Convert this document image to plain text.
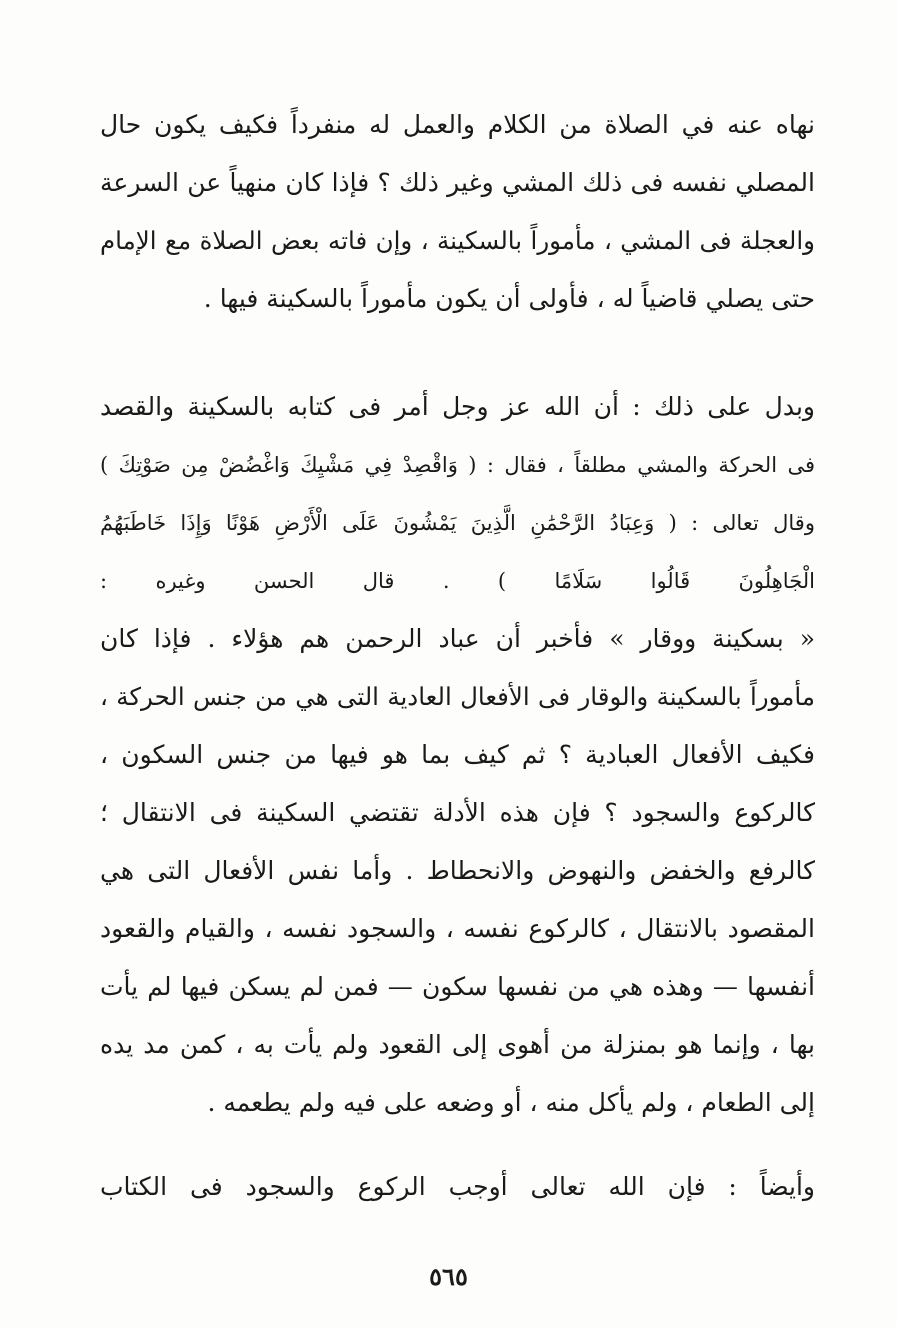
نهاه عنه في الصلاة من الكلام والعمل له منفرداً فكيف يكون حال
المصلي نفسه فى ذلك المشي وغير ذلك ؟ فإذا كان منهياً عن السرعة
والعجلة فى المشي ، مأموراً بالسكينة ، وإن فاته بعض الصلاة مع الإمام
حتى يصلي قاضياً له ، فأولى أن يكون مأموراً بالسكينة فيها .
وبدل على ذلك : أن الله عز وجل أمر فى كتابه بالسكينة والقصد
فى الحركة والمشي مطلقاً ، فقال : ( وَاقْصِدْ فِي مَشْيِكَ وَاغْضُضْ مِن صَوْتِكَ )
وقال تعالى : ( وَعِبَادُ الرَّحْمَٰنِ الَّذِينَ يَمْشُونَ عَلَى الْأَرْضِ هَوْنًا وَإِذَا خَاطَبَهُمُ
الْجَاهِلُونَ قَالُوا سَلَامًا ) . قال الحسن وغيره :
« بسكينة ووقار » فأخبر أن عباد الرحمن هم هؤلاء . فإذا كان
مأموراً بالسكينة والوقار فى الأفعال العادية التى هي من جنس الحركة ،
فكيف الأفعال العبادية ؟ ثم كيف بما هو فيها من جنس السكون ،
كالركوع والسجود ؟ فإن هذه الأدلة تقتضي السكينة فى الانتقال ؛
كالرفع والخفض والنهوض والانحطاط . وأما نفس الأفعال التى هي
المقصود بالانتقال ، كالركوع نفسه ، والسجود نفسه ، والقيام والقعود
أنفسها — وهذه هي من نفسها سكون — فمن لم يسكن فيها لم يأت
بها ، وإنما هو بمنزلة من أهوى إلى القعود ولم يأت به ، كمن مد يده
إلى الطعام ، ولم يأكل منه ، أو وضعه على فيه ولم يطعمه .
وأيضاً : فإن الله تعالى أوجب الركوع والسجود فى الكتاب
٥٦٥
